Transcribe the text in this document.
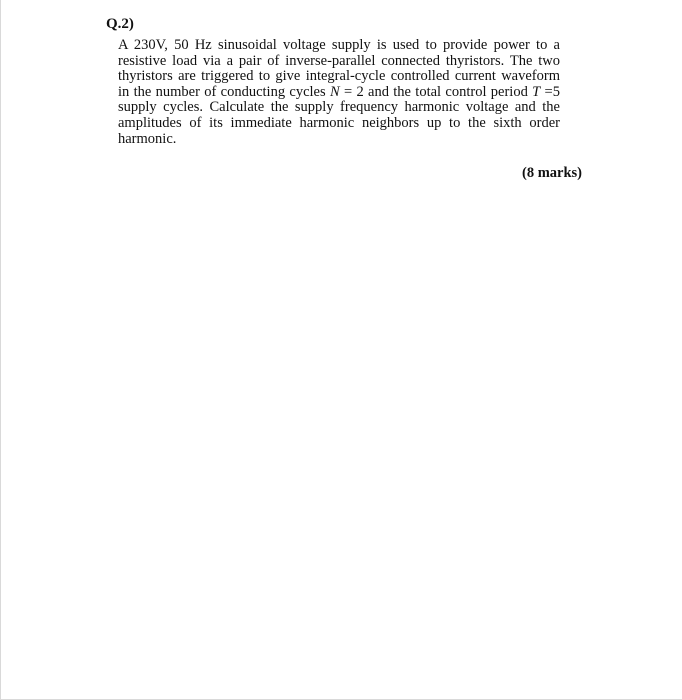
Q.2)

A 230V, 50 Hz sinusoidal voltage supply is used to provide power to a resistive load via a pair of inverse-parallel connected thyristors. The two thyristors are triggered to give integral-cycle controlled current waveform in the number of conducting cycles N = 2 and the total control period T =5 supply cycles. Calculate the supply frequency harmonic voltage and the amplitudes of its immediate harmonic neighbors up to the sixth order harmonic.

(8 marks)
